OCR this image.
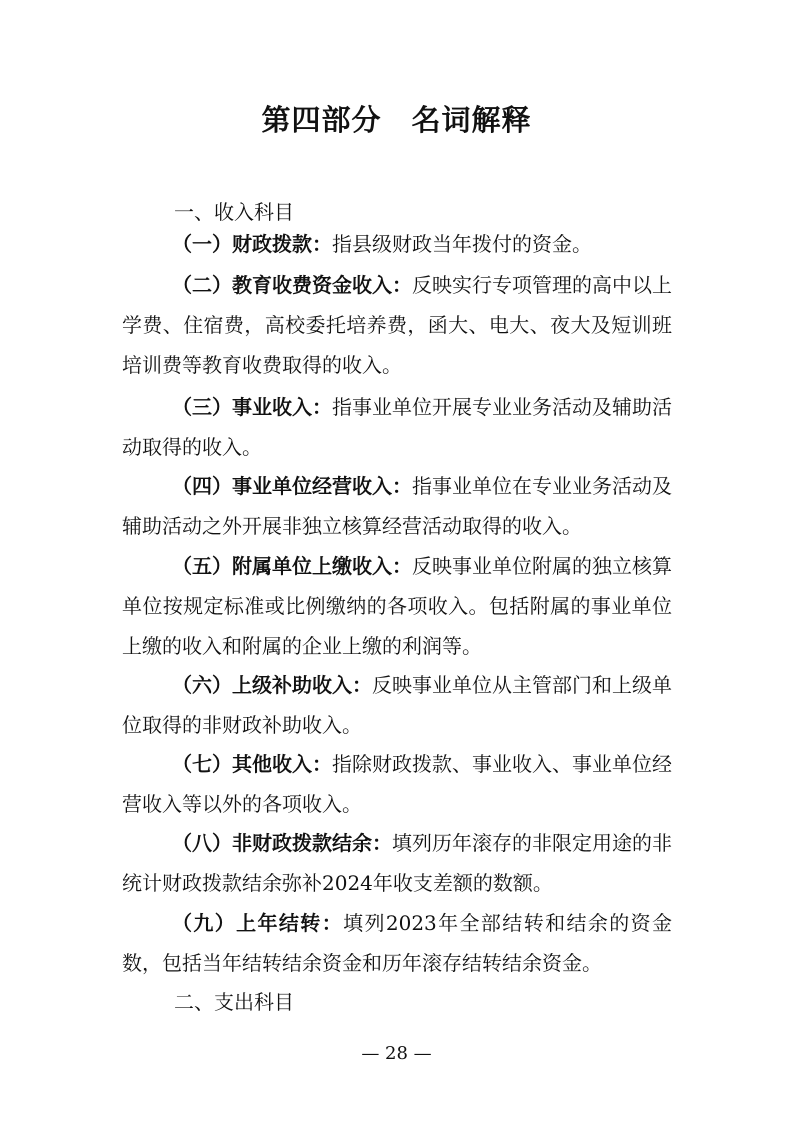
第四部分　名词解释

一、收入科目

（一）财政拨款：指县级财政当年拨付的资金。

（二）教育收费资金收入：反映实行专项管理的高中以上学费、住宿费，高校委托培养费，函大、电大、夜大及短训班培训费等教育收费取得的收入。

（三）事业收入：指事业单位开展专业业务活动及辅助活动取得的收入。

（四）事业单位经营收入：指事业单位在专业业务活动及辅助活动之外开展非独立核算经营活动取得的收入。

（五）附属单位上缴收入：反映事业单位附属的独立核算单位按规定标准或比例缴纳的各项收入。包括附属的事业单位上缴的收入和附属的企业上缴的利润等。

（六）上级补助收入：反映事业单位从主管部门和上级单位取得的非财政补助收入。

（七）其他收入：指除财政拨款、事业收入、事业单位经营收入等以外的各项收入。

（八）非财政拨款结余：填列历年滚存的非限定用途的非统计财政拨款结余弥补2024年收支差额的数额。

（九）上年结转：填列2023年全部结转和结余的资金数，包括当年结转结余资金和历年滚存结转结余资金。

二、支出科目

— 28 —
